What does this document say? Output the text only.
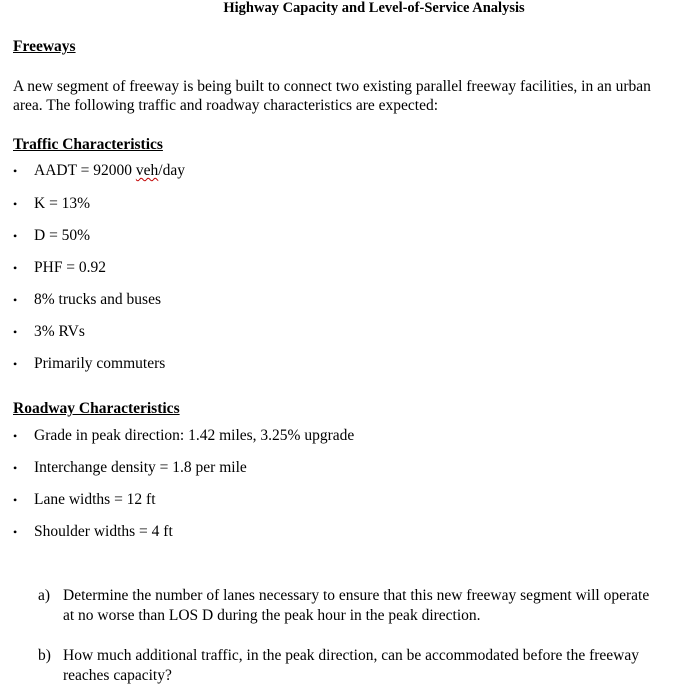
Highway Capacity and Level-of-Service Analysis
Freeways
A new segment of freeway is being built to connect two existing parallel freeway facilities, in an urban area. The following traffic and roadway characteristics are expected:
Traffic Characteristics
•	AADT = 92000 veh/day
•	K = 13%
•	D = 50%
•	PHF = 0.92
•	8% trucks and buses
•	3% RVs
•	Primarily commuters
Roadway Characteristics
•	Grade in peak direction: 1.42 miles, 3.25% upgrade
•	Interchange density = 1.8 per mile
•	Lane widths = 12 ft
•	Shoulder widths = 4 ft
a) Determine the number of lanes necessary to ensure that this new freeway segment will operate at no worse than LOS D during the peak hour in the peak direction.
b) How much additional traffic, in the peak direction, can be accommodated before the freeway reaches capacity?
